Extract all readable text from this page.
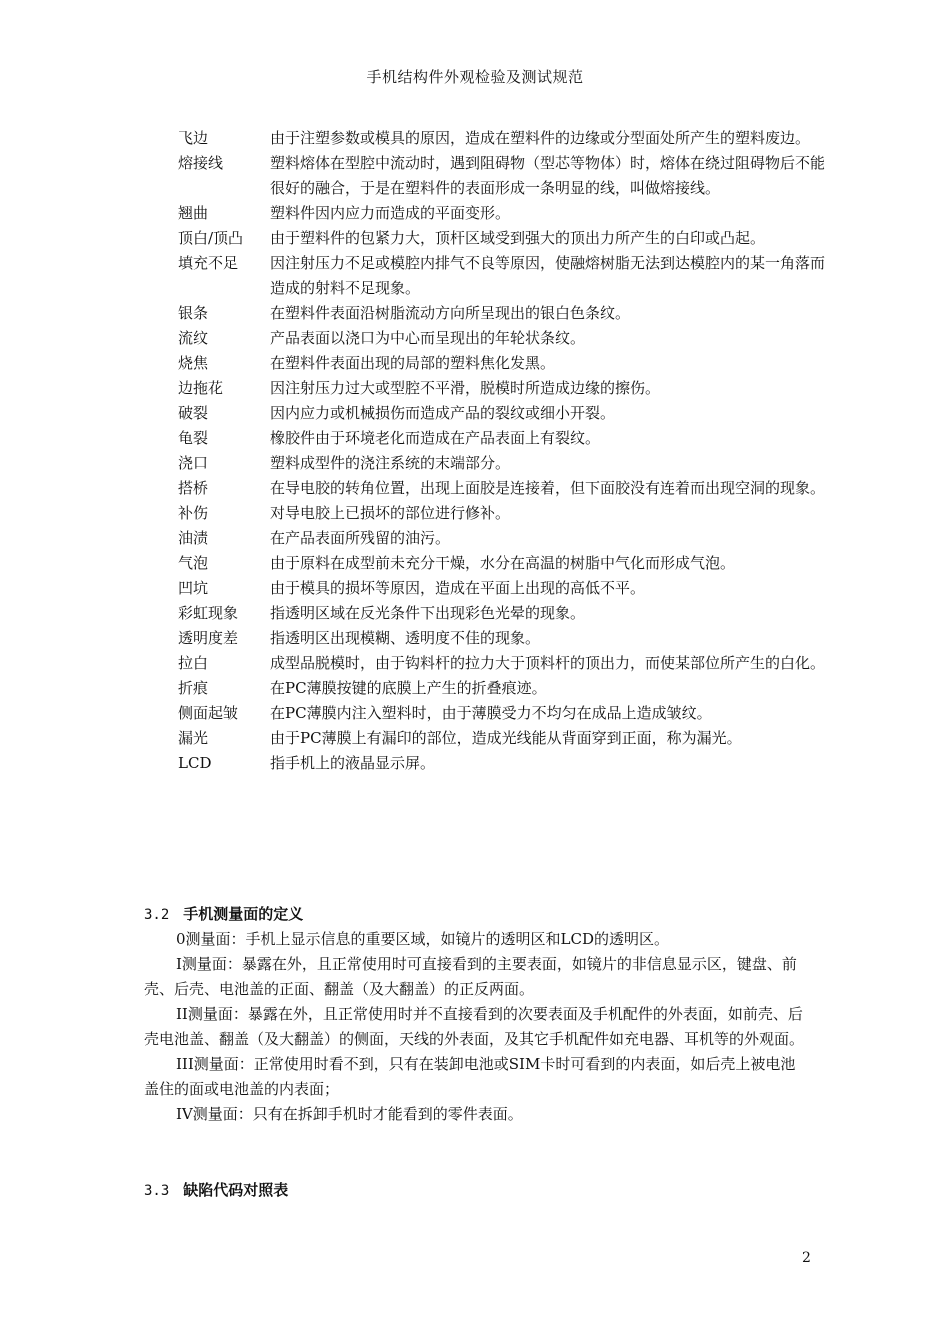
手机结构件外观检验及测试规范
飞边	由于注塑参数或模具的原因，造成在塑料件的边缘或分型面处所产生的塑料废边。
熔接线	塑料熔体在型腔中流动时，遇到阻碍物（型芯等物体）时，熔体在绕过阻碍物后不能很好的融合，于是在塑料件的表面形成一条明显的线，叫做熔接线。
翘曲	塑料件因内应力而造成的平面变形。
顶白/顶凸	由于塑料件的包紧力大，顶杆区域受到强大的顶出力所产生的白印或凸起。
填充不足	因注射压力不足或模腔内排气不良等原因，使融熔树脂无法到达模腔内的某一角落而造成的射料不足现象。
银条	在塑料件表面沿树脂流动方向所呈现出的银白色条纹。
流纹	产品表面以浇口为中心而呈现出的年轮状条纹。
烧焦	在塑料件表面出现的局部的塑料焦化发黑。
边拖花	因注射压力过大或型腔不平滑，脱模时所造成边缘的擦伤。
破裂	因内应力或机械损伤而造成产品的裂纹或细小开裂。
龟裂	橡胶件由于环境老化而造成在产品表面上有裂纹。
浇口	塑料成型件的浇注系统的末端部分。
搭桥	在导电胶的转角位置，出现上面胶是连接着，但下面胶没有连着而出现空洞的现象。
补伤	对导电胶上已损坏的部位进行修补。
油渍	在产品表面所残留的油污。
气泡	由于原料在成型前未充分干燥，水分在高温的树脂中气化而形成气泡。
凹坑	由于模具的损坏等原因，造成在平面上出现的高低不平。
彩虹现象	指透明区域在反光条件下出现彩色光晕的现象。
透明度差	指透明区出现模糊、透明度不佳的现象。
拉白	成型品脱模时，由于钩料杆的拉力大于顶料杆的顶出力，而使某部位所产生的白化。
折痕	在PC薄膜按键的底膜上产生的折叠痕迹。
侧面起皱	在PC薄膜内注入塑料时，由于薄膜受力不均匀在成品上造成皱纹。
漏光	由于PC薄膜上有漏印的部位，造成光线能从背面穿到正面，称为漏光。
LCD	指手机上的液晶显示屏。
3.2 手机测量面的定义

0测量面：手机上显示信息的重要区域，如镜片的透明区和LCD的透明区。

I测量面：暴露在外，且正常使用时可直接看到的主要表面，如镜片的非信息显示区，键盘、前壳、后壳、电池盖的正面、翻盖（及大翻盖）的正反两面。

II测量面：暴露在外，且正常使用时并不直接看到的次要表面及手机配件的外表面，如前壳、后壳电池盖、翻盖（及大翻盖）的侧面，天线的外表面，及其它手机配件如充电器、耳机等的外观面。

III测量面：正常使用时看不到，只有在装卸电池或SIM卡时可看到的内表面，如后壳上被电池盖住的面或电池盖的内表面；

IV测量面：只有在拆卸手机时才能看到的零件表面。

3.3 缺陷代码对照表
2
